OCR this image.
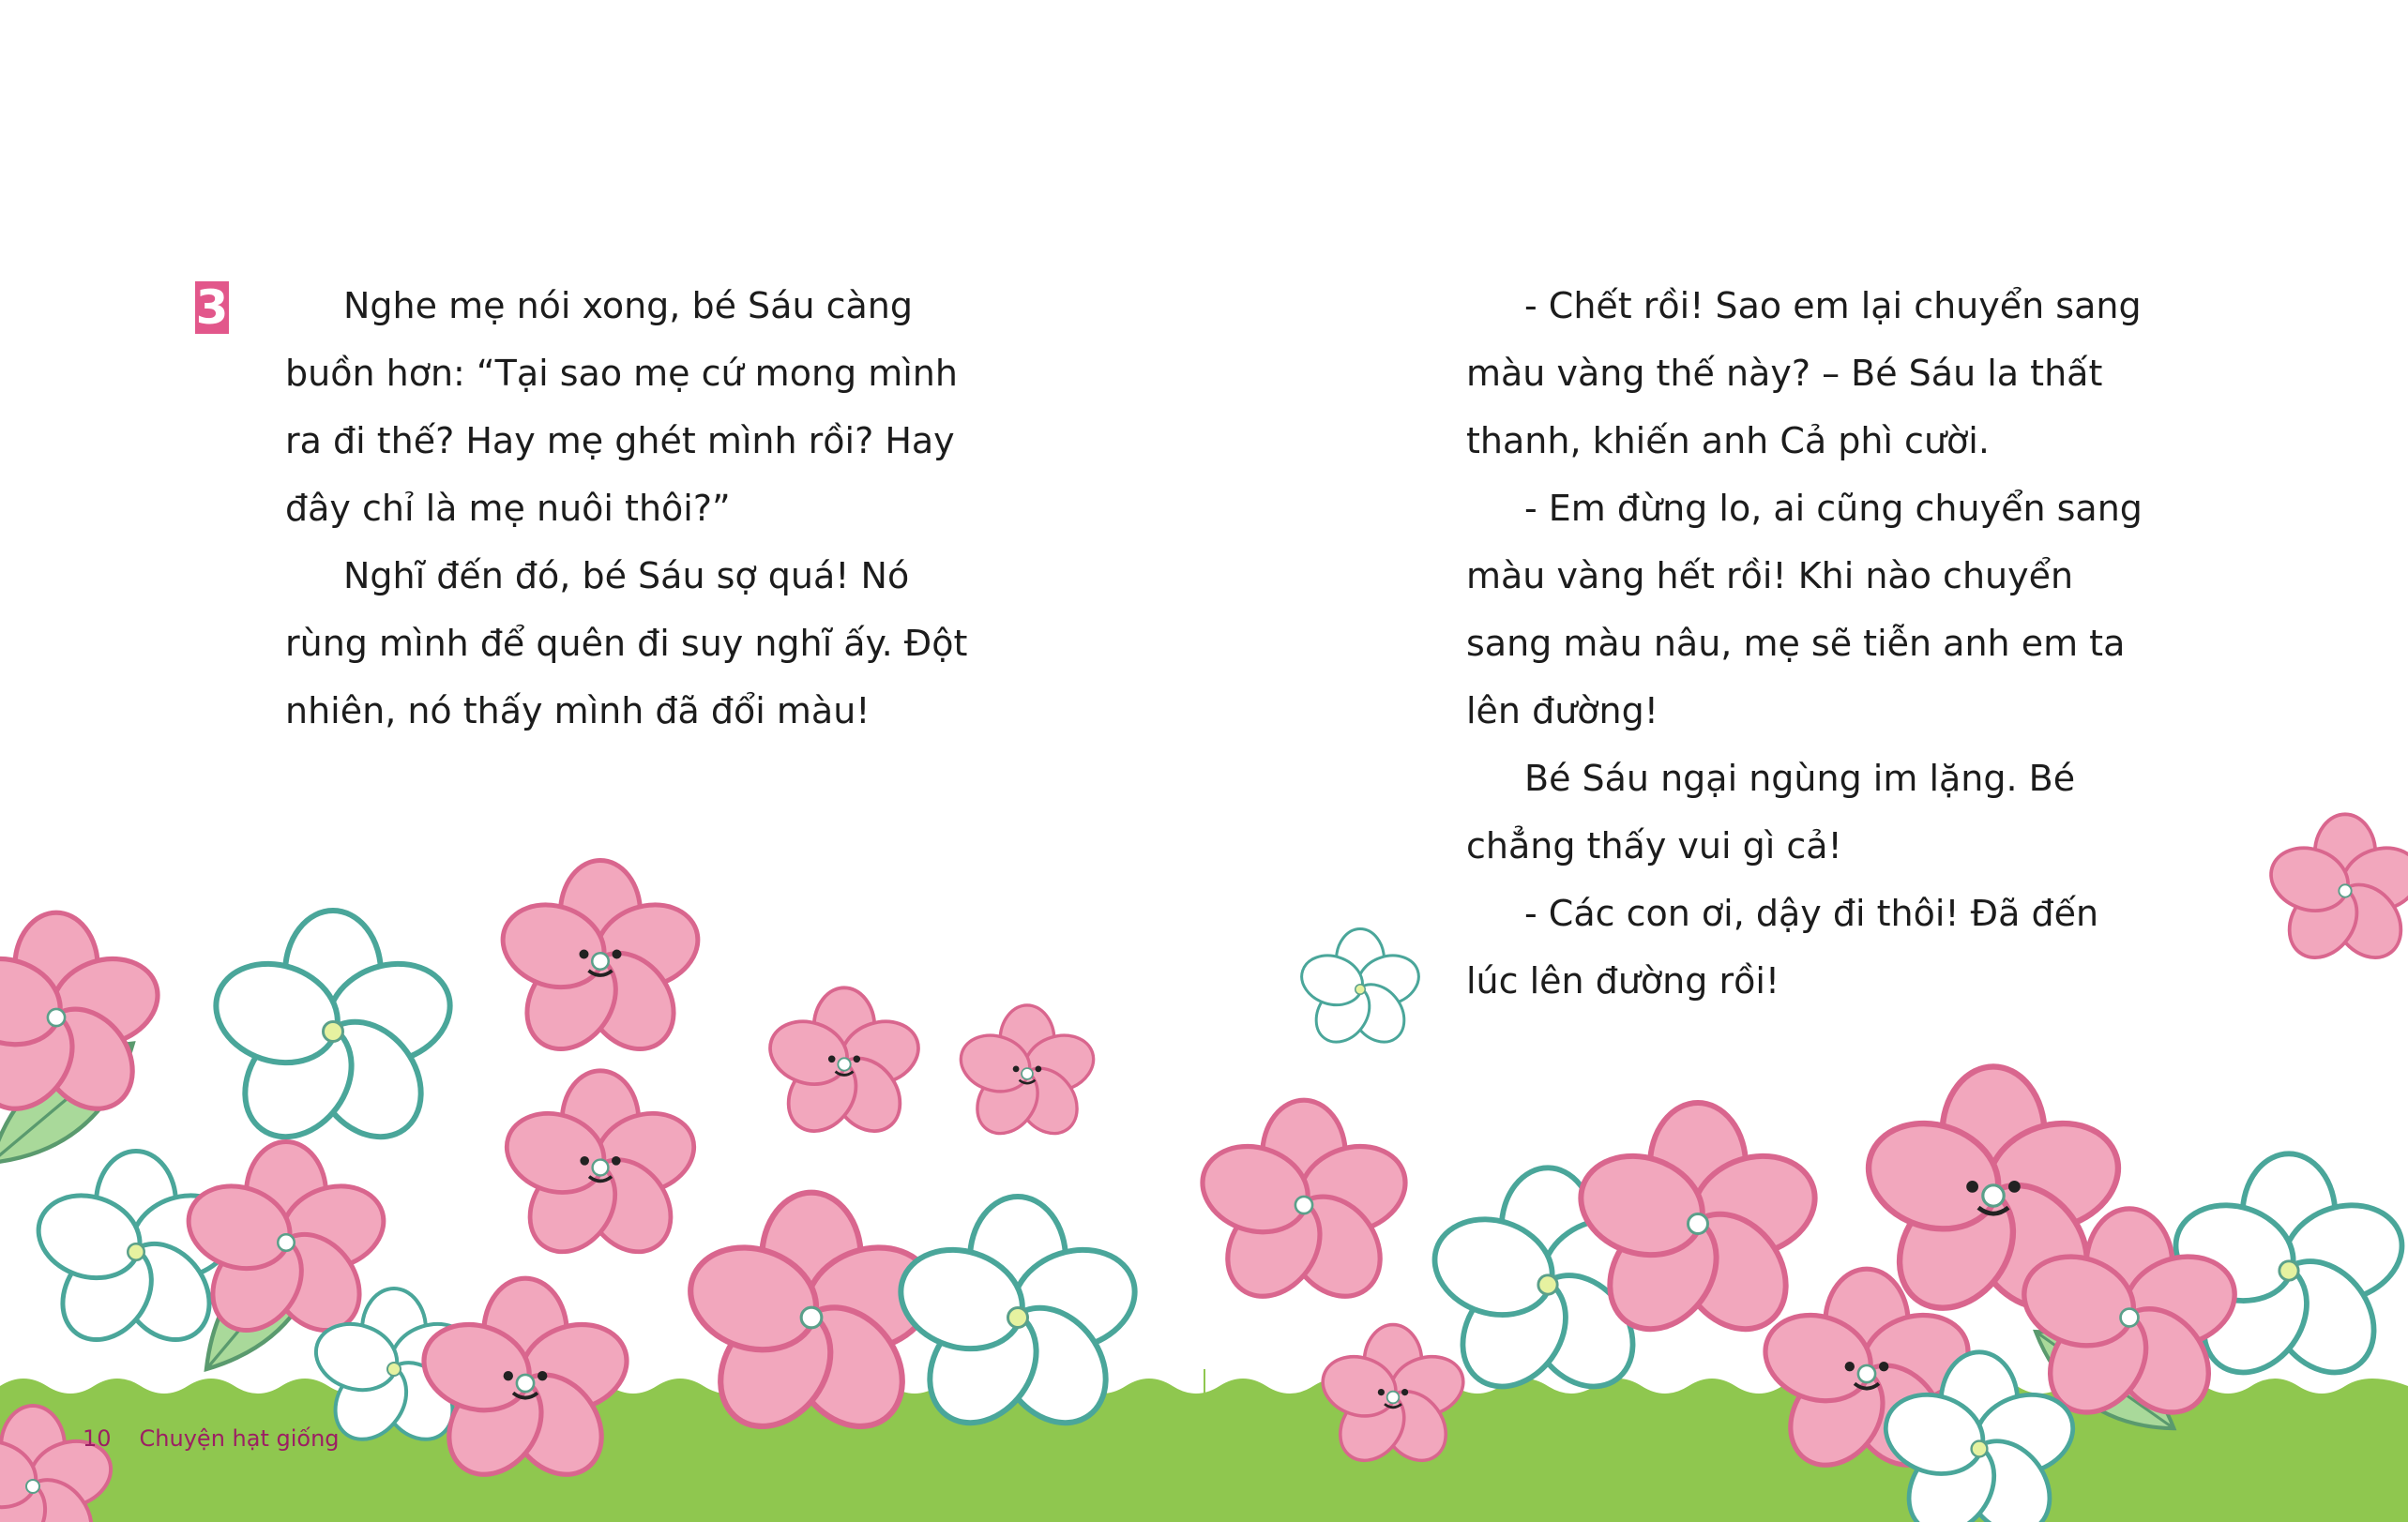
3	Nghe mẹ nói xong, bé Sáu càng buồn hơn: “Tại sao mẹ cứ mong mình ra đi thế? Hay mẹ ghét mình rồi? Hay đây chỉ là mẹ nuôi thôi?”

Nghĩ đến đó, bé Sáu sợ quá! Nó rùng mình để quên đi suy nghĩ ấy. Đột nhiên, nó thấy mình đã đổi màu!

- Chết rồi! Sao em lại chuyển sang màu vàng thế này? – Bé Sáu la thất thanh, khiến anh Cả phì cười.

- Em đừng lo, ai cũng chuyển sang màu vàng hết rồi! Khi nào chuyển sang màu nâu, mẹ sẽ tiễn anh em ta lên đường!

Bé Sáu ngại ngùng im lặng. Bé chẳng thấy vui gì cả!

- Các con ơi, dậy đi thôi! Đã đến lúc lên đường rồi!

10 Chuyện hạt giống
